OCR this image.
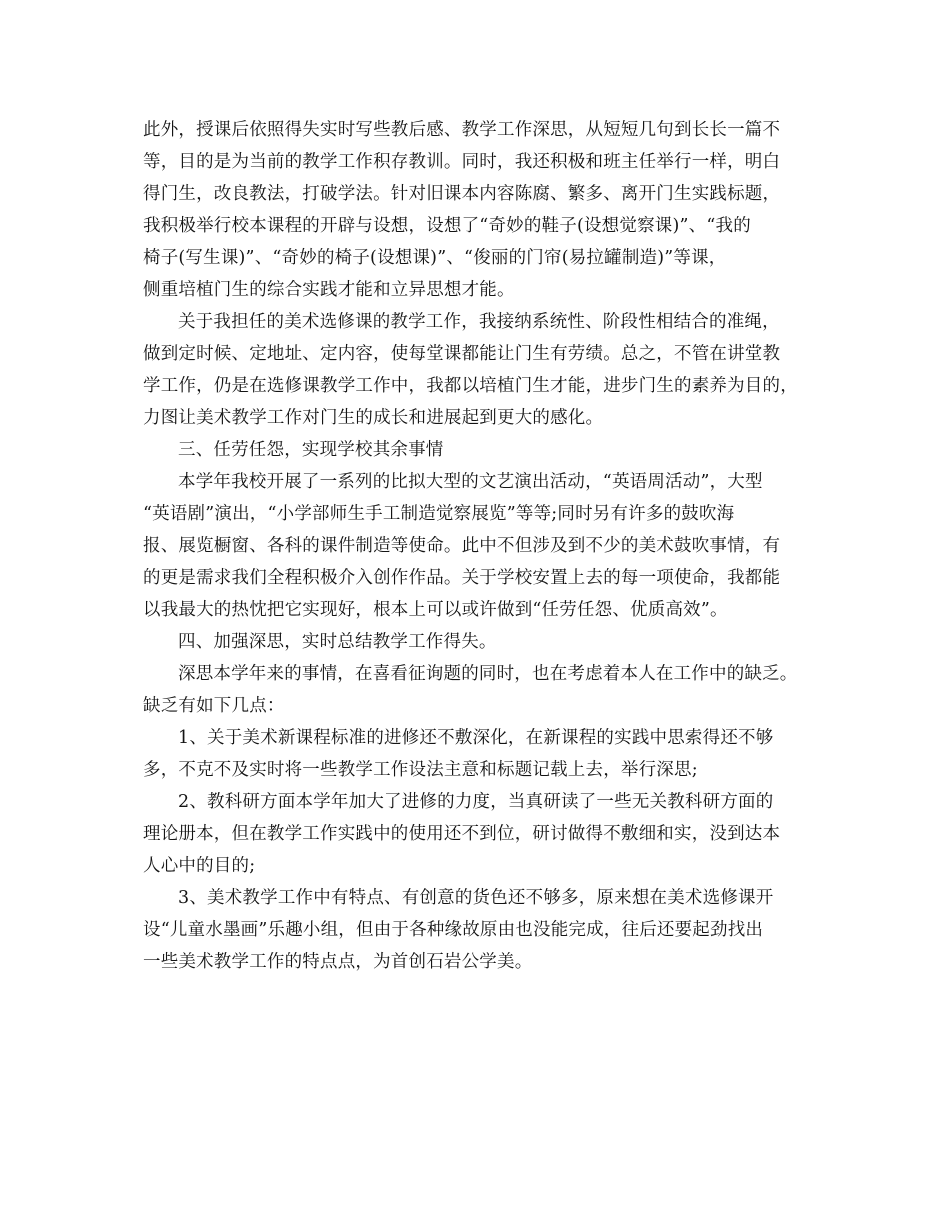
此外，授课后依照得失实时写些教后感、教学工作深思，从短短几句到长长一篇不
等，目的是为当前的教学工作积存教训。同时，我还积极和班主任举行一样，明白
得门生，改良教法，打破学法。针对旧课本内容陈腐、繁多、离开门生实践标题，
我积极举行校本课程的开辟与设想，设想了“奇妙的鞋子(设想觉察课)”、“我的
椅子(写生课)”、“奇妙的椅子(设想课)”、“俊丽的门帘(易拉罐制造)”等课，
侧重培植门生的综合实践才能和立异思想才能。
关于我担任的美术选修课的教学工作，我接纳系统性、阶段性相结合的准绳，
做到定时候、定地址、定内容，使每堂课都能让门生有劳绩。总之，不管在讲堂教
学工作，仍是在选修课教学工作中，我都以培植门生才能，进步门生的素养为目的，
力图让美术教学工作对门生的成长和进展起到更大的感化。
三、任劳任怨，实现学校其余事情
本学年我校开展了一系列的比拟大型的文艺演出活动，“英语周活动”，大型
“英语剧”演出，“小学部师生手工制造觉察展览”等等;同时另有许多的鼓吹海
报、展览橱窗、各科的课件制造等使命。此中不但涉及到不少的美术鼓吹事情，有
的更是需求我们全程积极介入创作作品。关于学校安置上去的每一项使命，我都能
以我最大的热忱把它实现好，根本上可以或许做到“任劳任怨、优质高效”。
四、加强深思，实时总结教学工作得失。
深思本学年来的事情，在喜看征询题的同时，也在考虑着本人在工作中的缺乏。
缺乏有如下几点：
1、关于美术新课程标准的进修还不敷深化，在新课程的实践中思索得还不够
多，不克不及实时将一些教学工作设法主意和标题记载上去，举行深思;
2、教科研方面本学年加大了进修的力度，当真研读了一些无关教科研方面的
理论册本，但在教学工作实践中的使用还不到位，研讨做得不敷细和实，没到达本
人心中的目的;
3、美术教学工作中有特点、有创意的货色还不够多，原来想在美术选修课开
设“儿童水墨画”乐趣小组，但由于各种缘故原由也没能完成，往后还要起劲找出
一些美术教学工作的特点点，为首创石岩公学美。
